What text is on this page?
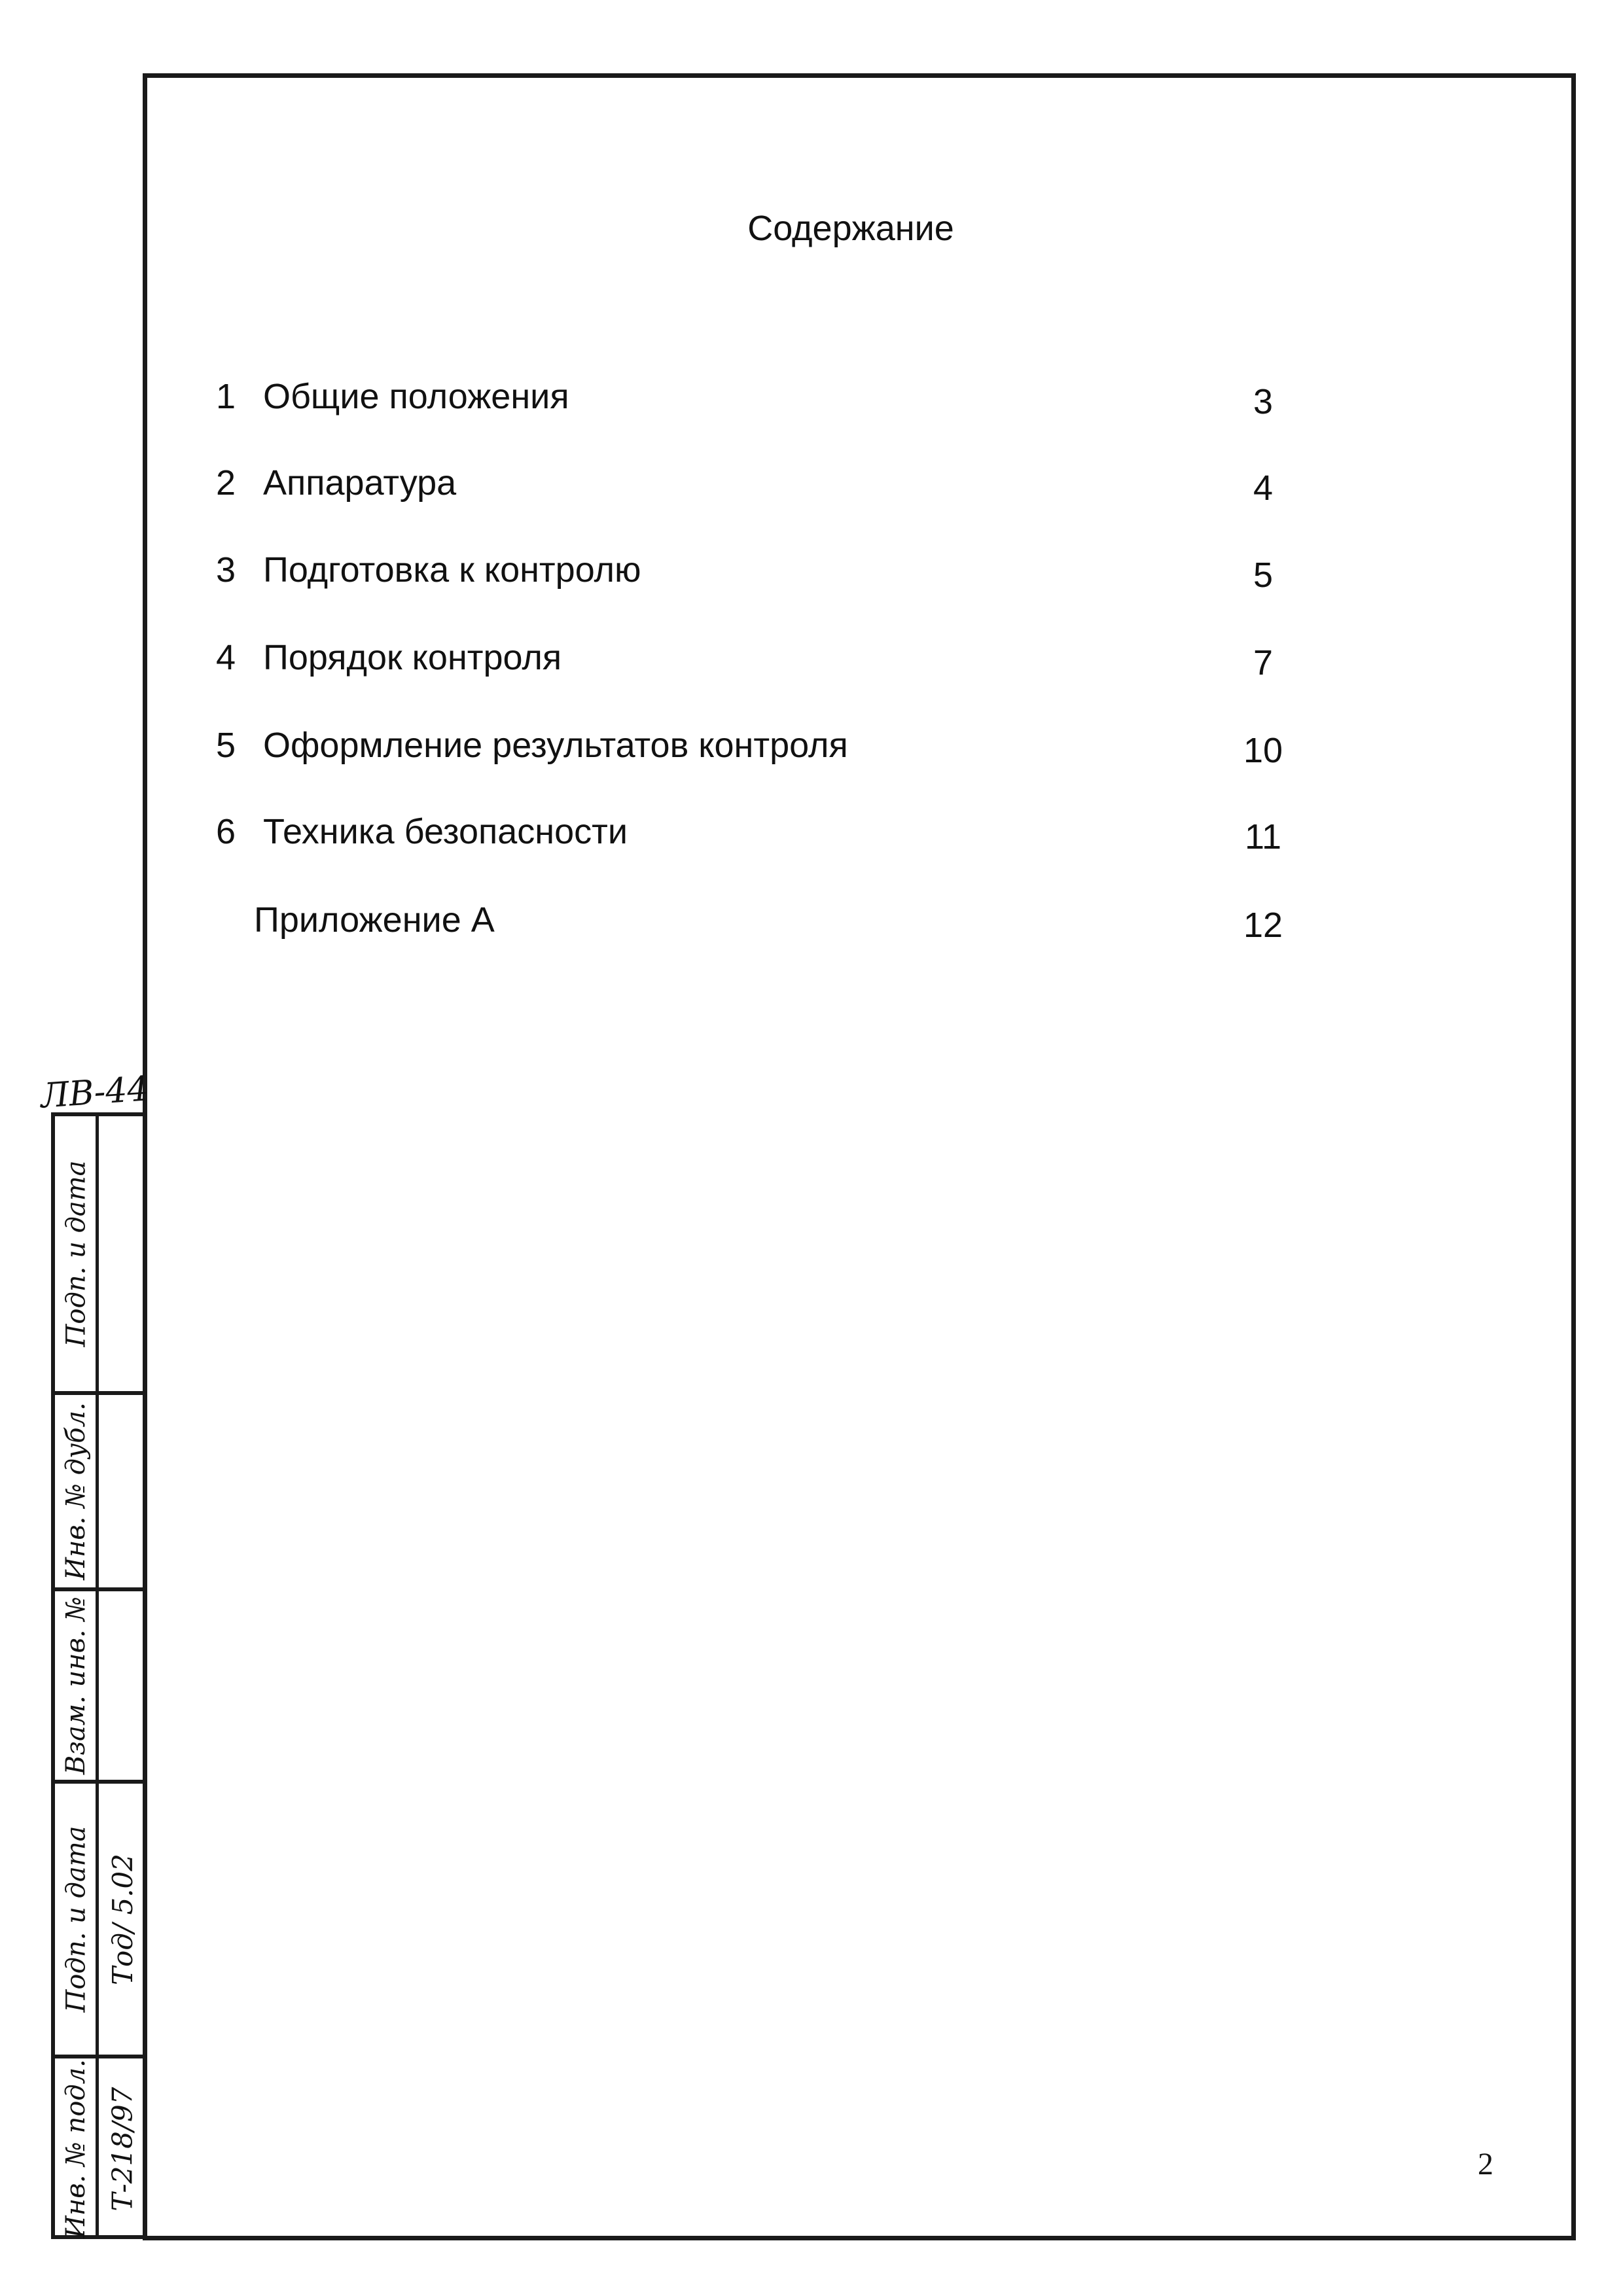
Содержание
1 Общие положения	3
2 Аппаратура	4
3 Подготовка к контролю	5
4 Порядок контроля	7
5 Оформление результатов контроля	10
6 Техника безопасности	11
Приложение А	12
2
ЛВ-44
Подп. и дата
Инв. № дубл.
Взам. инв. №
Подп. и дата Тод/ 5.02
Инв. № подл. Т-218/97
